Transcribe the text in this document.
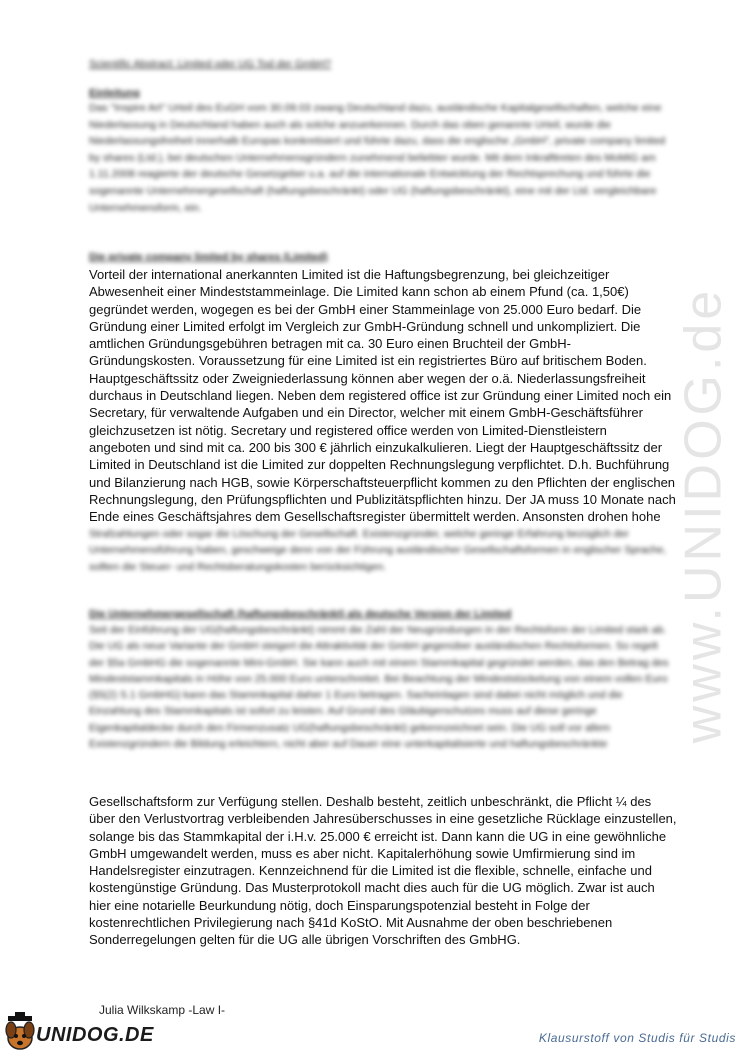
Scientific Abstract: Limited oder UG Tod der GmbH?
Einleitung
Das "Inspire Art" Urteil des EuGH vom 30.09.03 zwang Deutschland dazu, ausländische Kapitalgesellschaften, welche eine Niederlassung in Deutschland haben auch als solche anzuerkennen. Durch das oben genannte Urteil, wurde die Niederlassungsfreiheit innerhalb Europas konkretisiert und führte dazu, dass die englische „GmbH", private company limited by shares (Ltd.), bei deutschen Unternehmensgründern zunehmend beliebter wurde. Mit dem Inkrafttreten des MoMiG am 1.11.2008 reagierte der deutsche Gesetzgeber u.a. auf die internationale Entwicklung der Rechtsprechung und führte die sogenannte Unternehmergesellschaft (haftungsbeschränkt) oder UG (haftungsbeschränkt), eine mit der Ltd. vergleichbare Unternehmensform, ein.
Die private company limited by shares (Limited)
Vorteil der international anerkannten Limited ist die Haftungsbegrenzung, bei gleichzeitiger
Abwesenheit einer Mindeststammeinlage. Die Limited kann schon ab einem Pfund (ca. 1,50€)
gegründet werden, wogegen es bei der GmbH einer Stammeinlage von 25.000 Euro bedarf. Die
Gründung einer Limited erfolgt im Vergleich zur GmbH-Gründung schnell und unkompliziert. Die
amtlichen Gründungsgebühren betragen mit ca. 30 Euro einen Bruchteil der GmbH-
Gründungskosten. Voraussetzung für eine Limited ist ein registriertes Büro auf britischem Boden.
Hauptgeschäftssitz oder Zweigniederlassung können aber wegen der o.ä. Niederlassungsfreiheit
durchaus in Deutschland liegen. Neben dem registered office ist zur Gründung einer Limited noch ein
Secretary, für verwaltende Aufgaben und ein Director, welcher mit einem GmbH-Geschäftsführer
gleichzusetzen ist nötig. Secretary und registered office werden von Limited-Dienstleistern
angeboten und sind mit ca. 200 bis 300 € jährlich einzukalkulieren. Liegt der Hauptgeschäftssitz der
Limited in Deutschland ist die Limited zur doppelten Rechnungslegung verpflichtet. D.h. Buchführung
und Bilanzierung nach HGB, sowie Körperschaftsteuerpflicht kommen zu den Pflichten der englischen
Rechnungslegung, den Prüfungspflichten und Publizitätspflichten hinzu. Der JA muss 10 Monate nach
Ende eines Geschäftsjahres dem Gesellschaftsregister übermittelt werden. Ansonsten drohen hohe
Strafzahlungen oder sogar die Löschung der Gesellschaft. Existenzgründer, welche geringe Erfahrung bezüglich der Unternehmensführung haben, geschweige denn von der Führung ausländischer Gesellschaftsformen in englischer Sprache, sollten die Steuer- und Rechtsberatungskosten berücksichtigen.
Die Unternehmergesellschaft (haftungsbeschränkt) als deutsche Version der Limited
Seit der Einführung der UG(haftungsbeschränkt) nimmt die Zahl der Neugründungen in der Rechtsform der Limited stark ab. Die UG als neue Variante der GmbH steigert die Attraktivität der GmbH gegenüber ausländischen Rechtsformen. So regelt der §5a GmbHG die sogenannte Mini-GmbH. Sie kann auch mit einem Stammkapital gegründet werden, das den Betrag des Mindeststammkapitals in Höhe von 25.000 Euro unterschreitet. Bei Beachtung der Mindeststückelung von einem vollen Euro (§5(2) S.1 GmbHG) kann das Stammkapital daher 1 Euro betragen. Sacheinlagen sind dabei nicht möglich und die Einzahlung des Stammkapitals ist sofort zu leisten. Auf Grund des Gläubigerschutzes muss auf diese geringe Eigenkapitaldecke durch den Firmenzusatz UG(haftungsbeschränkt) gekennzeichnet sein. Die UG soll vor allem Existenzgründern die Bildung erleichtern, nicht aber auf Dauer eine unterkapitalisierte und haftungsbeschränkte
Gesellschaftsform zur Verfügung stellen. Deshalb besteht, zeitlich unbeschränkt, die Pflicht ¼ des
über den Verlustvortrag verbleibenden Jahresüberschusses in eine gesetzliche Rücklage einzustellen,
solange bis das Stammkapital der i.H.v. 25.000 € erreicht ist. Dann kann die UG in eine gewöhnliche
GmbH umgewandelt werden, muss es aber nicht. Kapitalerhöhung sowie Umfirmierung sind im
Handelsregister einzutragen. Kennzeichnend für die Limited ist die flexible, schnelle, einfache und
kostengünstige Gründung. Das Musterprotokoll macht dies auch für die UG möglich. Zwar ist auch
hier eine notarielle Beurkundung nötig, doch Einsparungspotenzial besteht in Folge der
kostenrechtlichen Privilegierung nach §41d KoStO. Mit Ausnahme der oben beschriebenen
Sonderregelungen gelten für die UG alle übrigen Vorschriften des GmbHG.
www.UNIDOG.de
Julia Wilkskamp -Law I-
UNIDOG.DE	Klausurstoff von Studis für Studis
